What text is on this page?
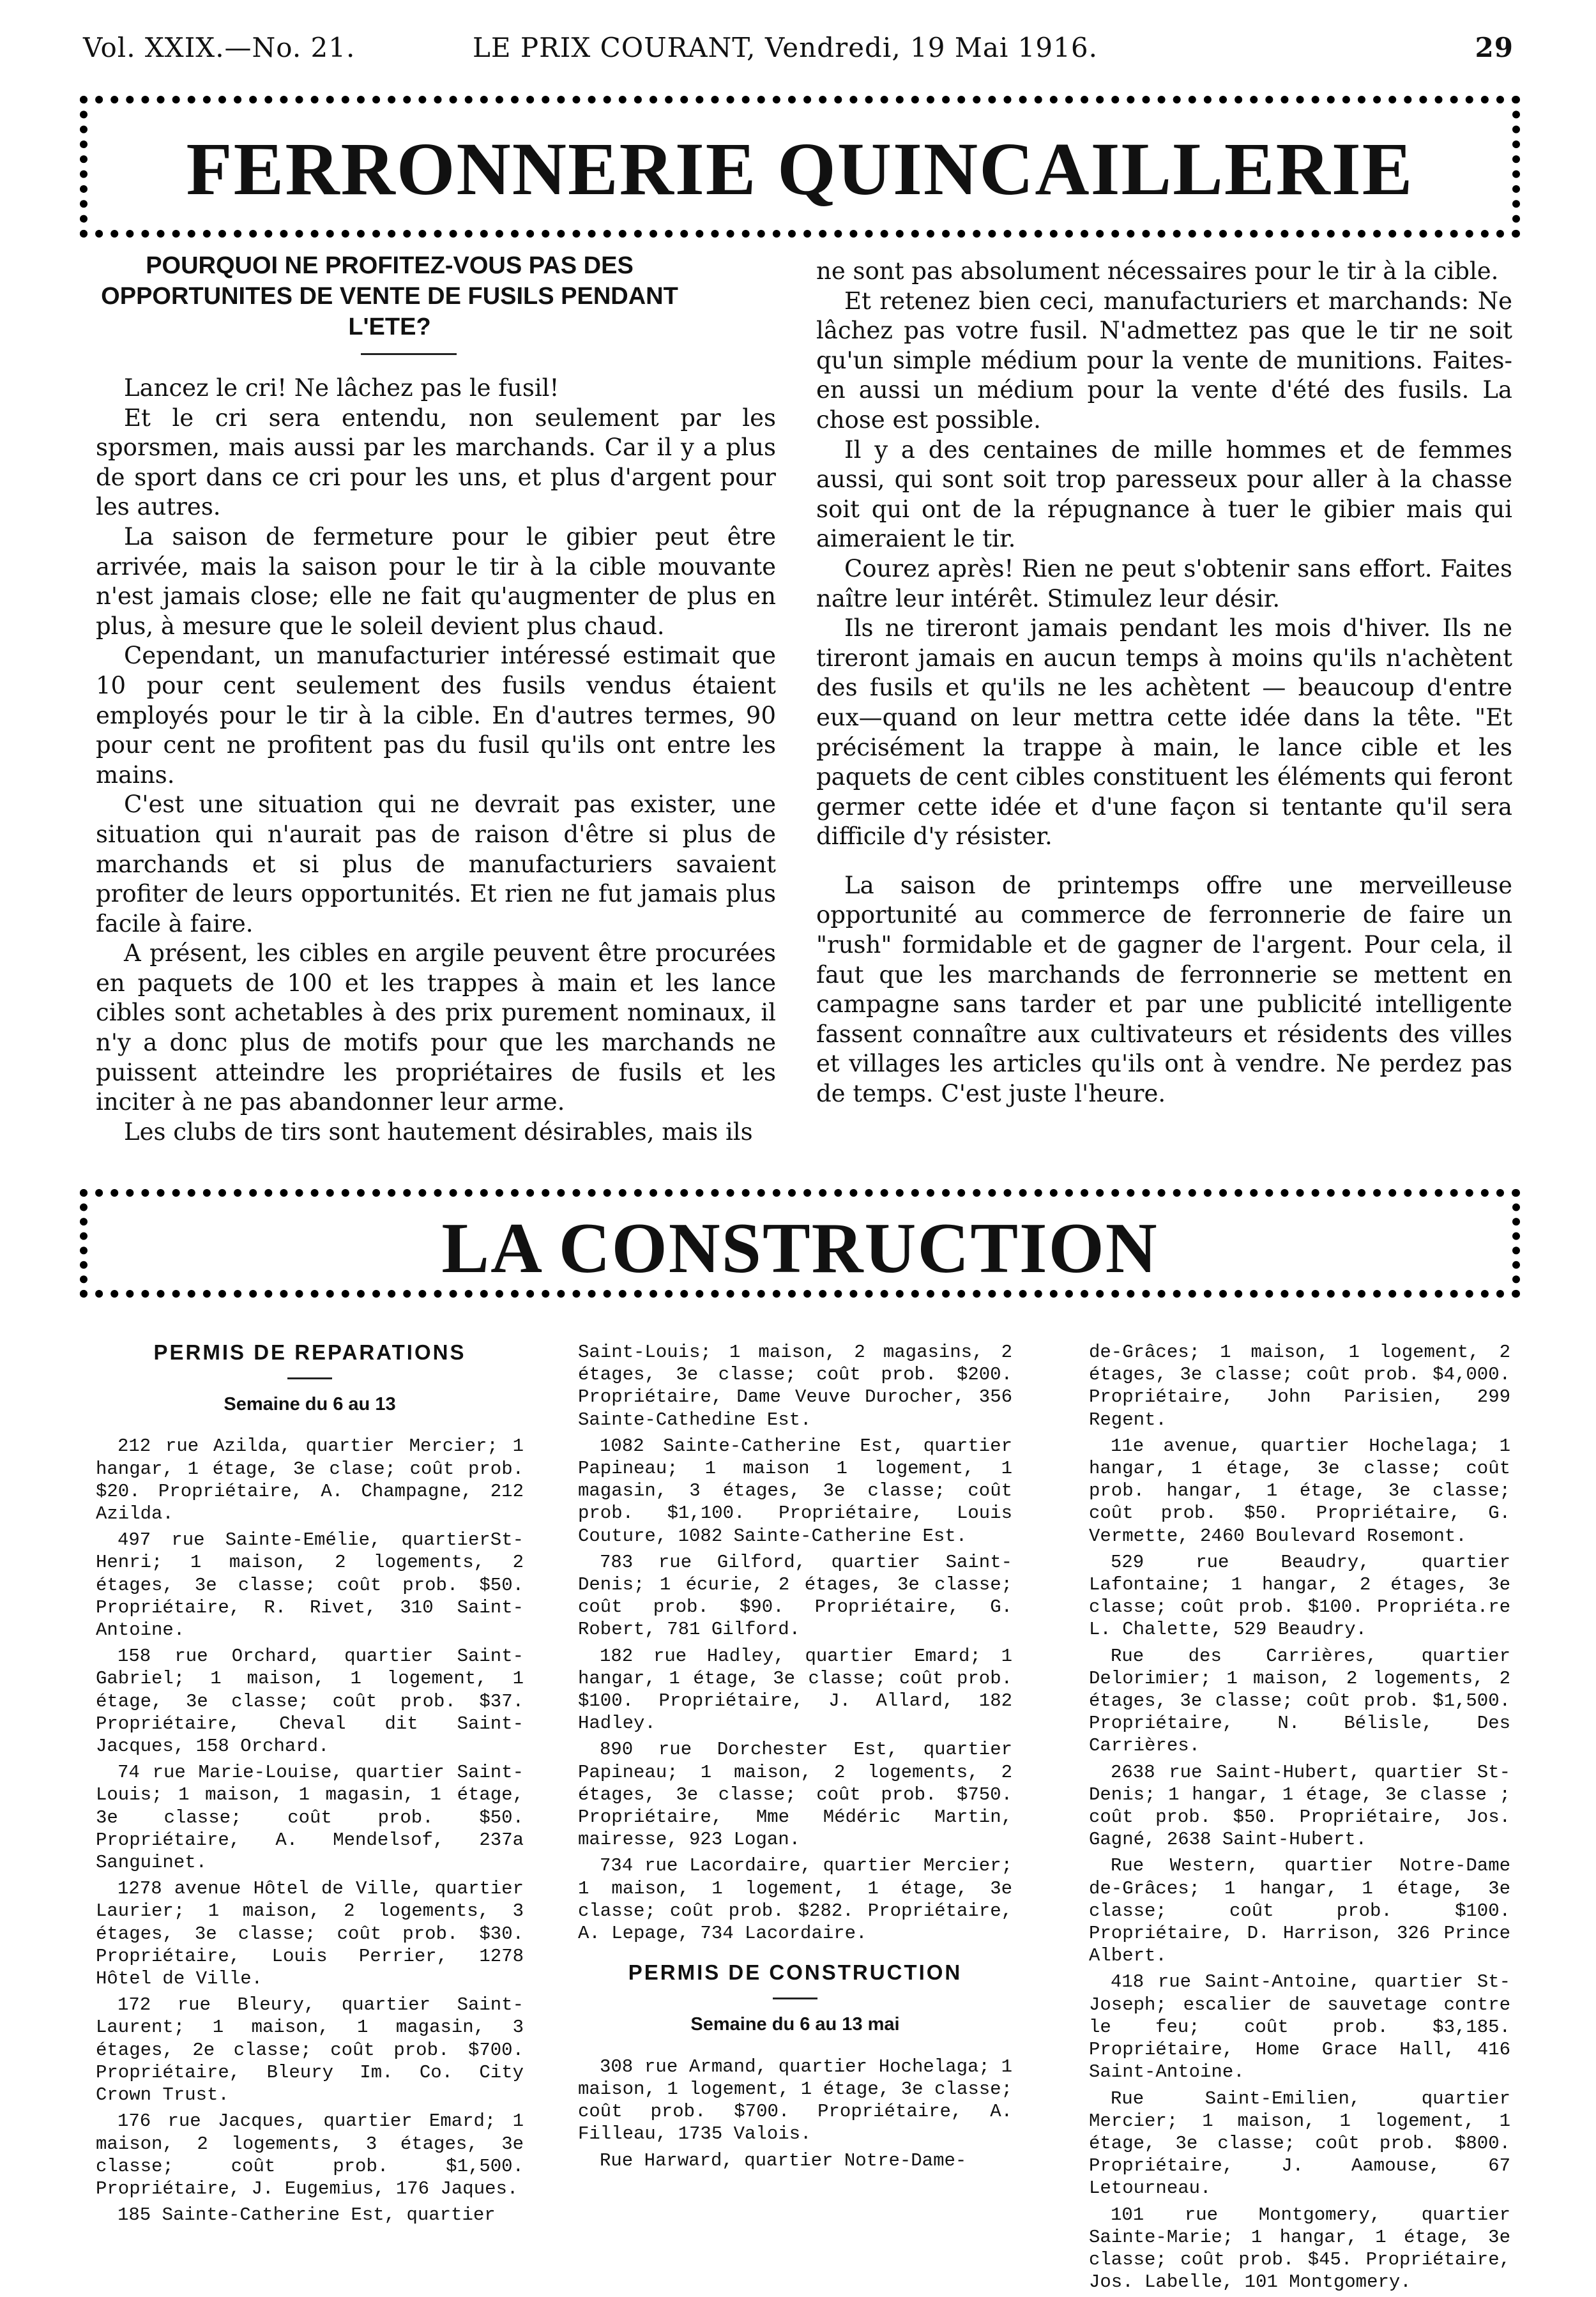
Vol. XXIX.—No. 21.	LE PRIX COURANT, Vendredi, 19 Mai 1916.	29
FERRONNERIE QUINCAILLERIE
POURQUOI NE PROFITEZ-VOUS PAS DES OPPORTUNITES DE VENTE DE FUSILS PENDANT L'ETE?

Lancez le cri! Ne lâchez pas le fusil!

Et le cri sera entendu, non seulement par les sporsmen, mais aussi par les marchands. Car il y a plus de sport dans ce cri pour les uns, et plus d'argent pour les autres.

La saison de fermeture pour le gibier peut être arrivée, mais la saison pour le tir à la cible mouvante n'est jamais close; elle ne fait qu'augmenter de plus en plus, à mesure que le soleil devient plus chaud.

Cependant, un manufacturier intéressé estimait que 10 pour cent seulement des fusils vendus étaient employés pour le tir à la cible. En d'autres termes, 90 pour cent ne profitent pas du fusil qu'ils ont entre les mains.

C'est une situation qui ne devrait pas exister, une situation qui n'aurait pas de raison d'être si plus de marchands et si plus de manufacturiers savaient profiter de leurs opportunités. Et rien ne fut jamais plus facile à faire.

A présent, les cibles en argile peuvent être procurées en paquets de 100 et les trappes à main et les lance cibles sont achetables à des prix purement nominaux, il n'y a donc plus de motifs pour que les marchands ne puissent atteindre les propriétaires de fusils et les inciter à ne pas abandonner leur arme.

Les clubs de tirs sont hautement désirables, mais ils

ne sont pas absolument nécessaires pour le tir à la cible.

Et retenez bien ceci, manufacturiers et marchands: Ne lâchez pas votre fusil. N'admettez pas que le tir ne soit qu'un simple médium pour la vente de munitions. Faites-en aussi un médium pour la vente d'été des fusils. La chose est possible.

Il y a des centaines de mille hommes et de femmes aussi, qui sont soit trop paresseux pour aller à la chasse soit qui ont de la répugnance à tuer le gibier mais qui aimeraient le tir.

Courez après! Rien ne peut s'obtenir sans effort. Faites naître leur intérêt. Stimulez leur désir.

Ils ne tireront jamais pendant les mois d'hiver. Ils ne tireront jamais en aucun temps à moins qu'ils n'achètent des fusils et qu'ils ne les achètent — beaucoup d'entre eux—quand on leur mettra cette idée dans la tête. "Et précisément la trappe à main, le lance cible et les paquets de cent cibles constituent les éléments qui feront germer cette idée et d'une façon si tentante qu'il sera difficile d'y résister.

La saison de printemps offre une merveilleuse opportunité au commerce de ferronnerie de faire un "rush" formidable et de gagner de l'argent. Pour cela, il faut que les marchands de ferronnerie se mettent en campagne sans tarder et par une publicité intelligente fassent connaître aux cultivateurs et résidents des villes et villages les articles qu'ils ont à vendre. Ne perdez pas de temps. C'est juste l'heure.

LA CONSTRUCTION
PERMIS DE REPARATIONS
Semaine du 6 au 13

212 rue Azilda, quartier Mercier; 1 hangar, 1 étage, 3e clase; coût prob. $20. Propriétaire, A. Champagne, 212 Azilda.

497 rue Sainte-Emélie, quartierSt-Henri; 1 maison, 2 logements, 2 étages, 3e classe; coût prob. $50. Propriétaire, R. Rivet, 310 Saint-Antoine.

158 rue Orchard, quartier Saint-Gabriel; 1 maison, 1 logement, 1 étage, 3e classe; coût prob. $37. Propriétaire, Cheval dit Saint-Jacques, 158 Orchard.

74 rue Marie-Louise, quartier Saint-Louis; 1 maison, 1 magasin, 1 étage, 3e classe; coût prob. $50. Propriétaire, A. Mendelsof, 237a Sanguinet.

1278 avenue Hôtel de Ville, quartier Laurier; 1 maison, 2 logements, 3 étages, 3e classe; coût prob. $30. Propriétaire, Louis Perrier, 1278 Hôtel de Ville.

172 rue Bleury, quartier Saint-Laurent; 1 maison, 1 magasin, 3 étages, 2e classe; coût prob. $700. Propriétaire, Bleury Im. Co. City Crown Trust.

176 rue Jacques, quartier Emard; 1 maison, 2 logements, 3 étages, 3e classe; coût prob. $1,500. Propriétaire, J. Eugemius, 176 Jaques.

185 Sainte-Catherine Est, quartier

Saint-Louis; 1 maison, 2 magasins, 2 étages, 3e classe; coût prob. $200. Propriétaire, Dame Veuve Durocher, 356 Sainte-Cathedine Est.

1082 Sainte-Catherine Est, quartier Papineau; 1 maison 1 logement, 1 magasin, 3 étages, 3e classe; coût prob. $1,100. Propriétaire, Louis Couture, 1082 Sainte-Catherine Est.

783 rue Gilford, quartier Saint-Denis; 1 écurie, 2 étages, 3e classe; coût prob. $90. Propriétaire, G. Robert, 781 Gilford.

182 rue Hadley, quartier Emard; 1 hangar, 1 étage, 3e classe; coût prob. $100. Propriétaire, J. Allard, 182 Hadley.

890 rue Dorchester Est, quartier Papineau; 1 maison, 2 logements, 2 étages, 3e classe; coût prob. $750. Propriétaire, Mme Médéric Martin, mairesse, 923 Logan.

734 rue Lacordaire, quartier Mercier; 1 maison, 1 logement, 1 étage, 3e classe; coût prob. $282. Propriétaire, A. Lepage, 734 Lacordaire.

PERMIS DE CONSTRUCTION
Semaine du 6 au 13 mai

308 rue Armand, quartier Hochelaga; 1 maison, 1 logement, 1 étage, 3e classe; coût prob. $700. Propriétaire, A. Filleau, 1735 Valois.

Rue Harward, quartier Notre-Dame-

de-Grâces; 1 maison, 1 logement, 2 étages, 3e classe; coût prob. $4,000. Propriétaire, John Parisien, 299 Regent.

11e avenue, quartier Hochelaga; 1 hangar, 1 étage, 3e classe; coût prob. hangar, 1 étage, 3e classe; coût prob. $50. Propriétaire, G. Vermette, 2460 Boulevard Rosemont.

529 rue Beaudry, quartier Lafontaine; 1 hangar, 2 étages, 3e classe; coût prob. $100. Propriéta.re L. Chalette, 529 Beaudry.

Rue des Carrières, quartier Delorimier; 1 maison, 2 logements, 2 étages, 3e classe; coût prob. $1,500. Propriétaire, N. Bélisle, Des Carrières.

2638 rue Saint-Hubert, quartier St-Denis; 1 hangar, 1 étage, 3e classe ; coût prob. $50. Propriétaire, Jos. Gagné, 2638 Saint-Hubert.

Rue Western, quartier Notre-Dame de-Grâces; 1 hangar, 1 étage, 3e classe; coût prob. $100. Propriétaire, D. Harrison, 326 Prince Albert.

418 rue Saint-Antoine, quartier St-Joseph; escalier de sauvetage contre le feu; coût prob. $3,185. Propriétaire, Home Grace Hall, 416 Saint-Antoine.

Rue Saint-Emilien, quartier Mercier; 1 maison, 1 logement, 1 étage, 3e classe; coût prob. $800. Propriétaire, J. Aamouse, 67 Letourneau.

101 rue Montgomery, quartier Sainte-Marie; 1 hangar, 1 étage, 3e classe; coût prob. $45. Propriétaire, Jos. Labelle, 101 Montgomery.
